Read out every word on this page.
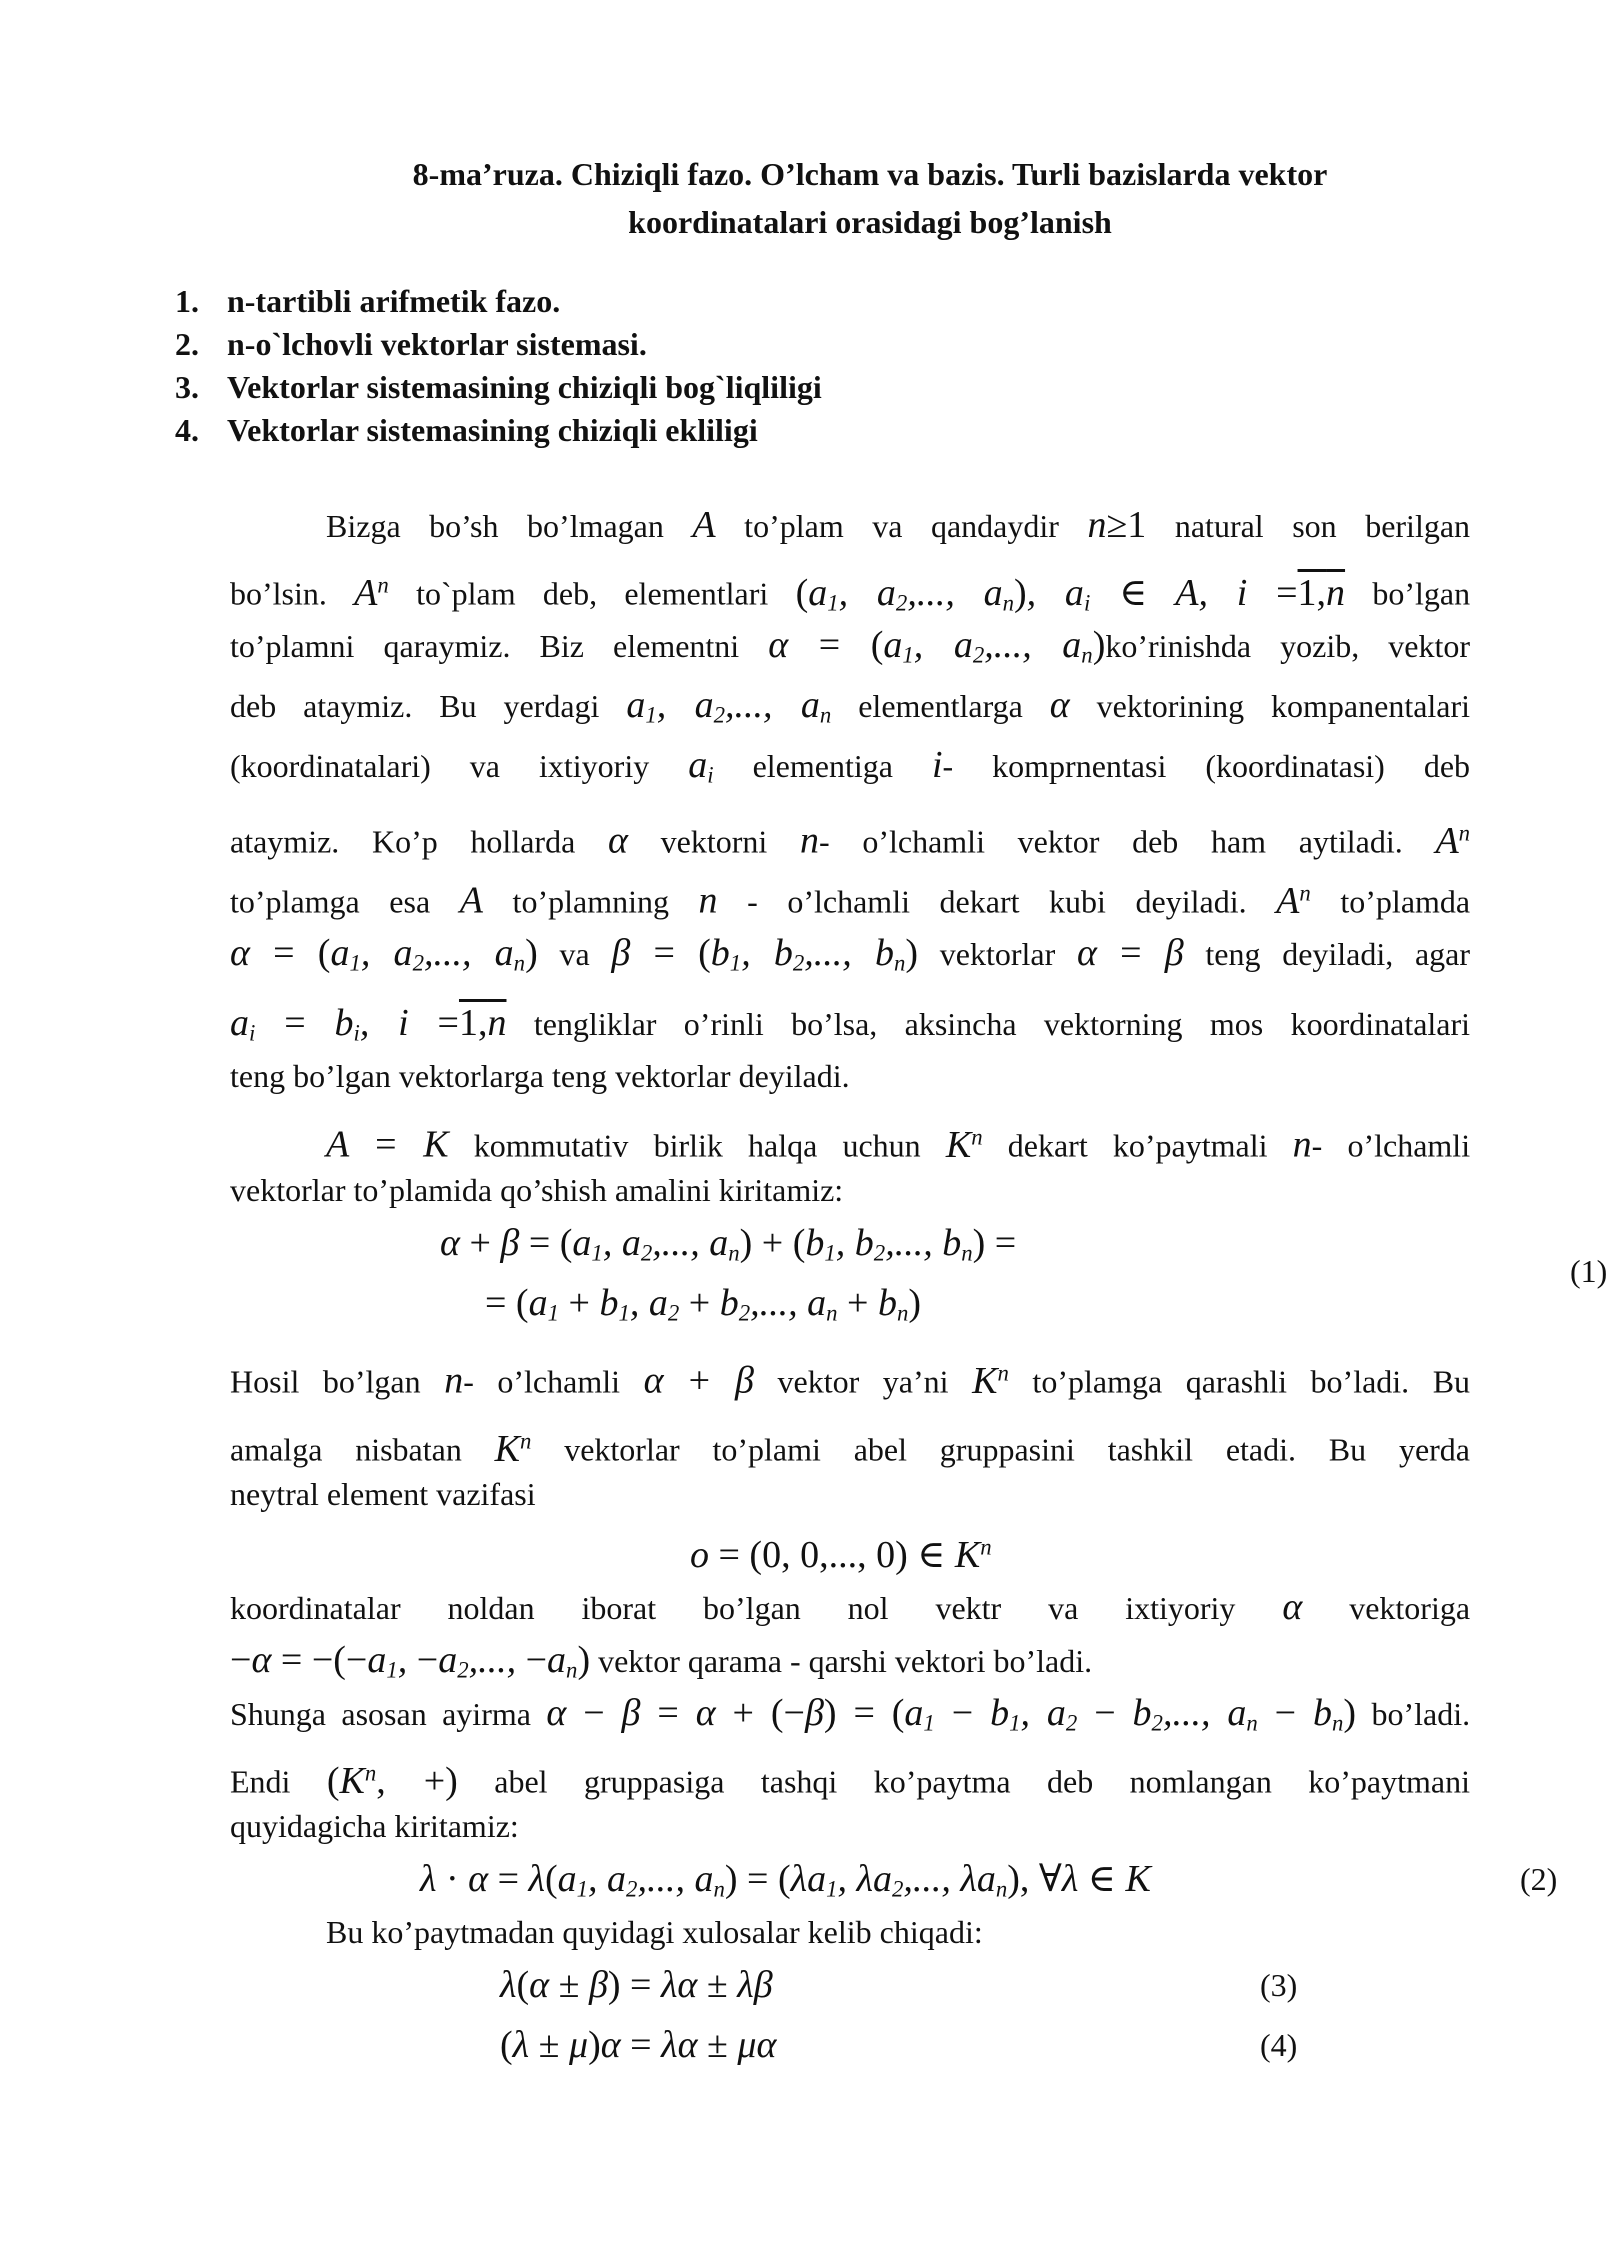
8-ma’ruza. Chiziqli fazo. O’lcham va bazis. Turli bazislarda vektor
koordinatalari orasidagi bog’lanish
1. n-tartibli arifmetik fazo.
2. n-o`lchovli vektorlar sistemasi.
3. Vektorlar sistemasining chiziqli bog`liqliligi
4. Vektorlar sistemasining chiziqli ekliligi
Bizga bo’sh bo’lmagan A to’plam va qandaydir n≥1 natural son berilgan
bo’lsin. $A^n$ to`plam deb, elementlari ($a_1$, $a_2$,..., $a_n$), $a_i$ ∈ A, $i =1,\overline{n}$ bo’lgan
to’plamni qaraymiz. Biz elementni $\alpha = (a_1$, $a_2$,..., $a_n)ko’rinishda$ yozib, vektor
deb ataymiz. Bu yerdagi $a_1$, $a_2$,..., $a_n$ elementlarga α vektorining kompanentalari
(koordinatalari) va ixtiyoriy $a_i$ elementiga i- komprnentasi (koordinatasi) deb
ataymiz. Ko’p hollarda α vektorni n- o’lchamli vektor deb ham aytiladi. $A^n$
to’plamga esa A to’plamning n - o’lchamli dekart kubi deyiladi. $A^n$ to’plamda
$\alpha = (a_1$, $a_2$,..., $a_n$) va $\beta = (b_1$, $b_2$,..., $b_n$) vektorlar α = β teng deyiladi, agar
$a_i = b_i$, $i =1,\overline{n}$ tengliklar o’rinli bo’lsa, aksincha vektorning mos koordinatalari
teng bo’lgan vektorlarga teng vektorlar deyiladi.
A = K kommutativ birlik halqa uchun $K^n$ dekart ko’paytmali n- o’lchamli
vektorlar to’plamida qo’shish amalini kiritamiz:
$\alpha + \beta = (a_1$, $a_2$,..., $a_n) + (b_1$, $b_2$,..., $b_n$) =
= ($a_1 + b_1$, $a_2 + b_2$,..., $a_n + b_n$)
(1)
Hosil bo’lgan n- o’lchamli α + β vektor ya’ni $K^n$ to’plamga qarashli bo’ladi. Bu
amalga nisbatan $K^n$ vektorlar to’plami abel gruppasini tashkil etadi. Bu yerda
neytral element vazifasi
o = (0, 0,..., 0) ∈ $K^n$
koordinatalar noldan iborat bo’lgan nol vektr va ixtiyoriy α vektoriga
$-\alpha = -(-a_1$, $-a_2$,..., $-a_n$) vektor qarama - qarshi vektori bo’ladi.
Shunga asosan ayirma $\alpha - \beta = \alpha + (-\beta) = (a_1 - b_1$, $a_2 - b_2$,..., $a_n - b_n$) bo’ladi.
Endi ($K^n$, +) abel gruppasiga tashqi ko’paytma deb nomlangan ko’paytmani
quyidagicha kiritamiz:
$\lambda \cdot \alpha = \lambda(a_1$, $a_2$,..., $a_n) = (\lambda a_1$, $\lambda a_2$,..., $\lambda a_n$), ∀λ ∈ K	(2)
Bu ko’paytmadan quyidagi xulosalar kelib chiqadi:
λ(α ± β) = λα ± λβ	(3)
(λ ± μ)α = λα ± μα	(4)
